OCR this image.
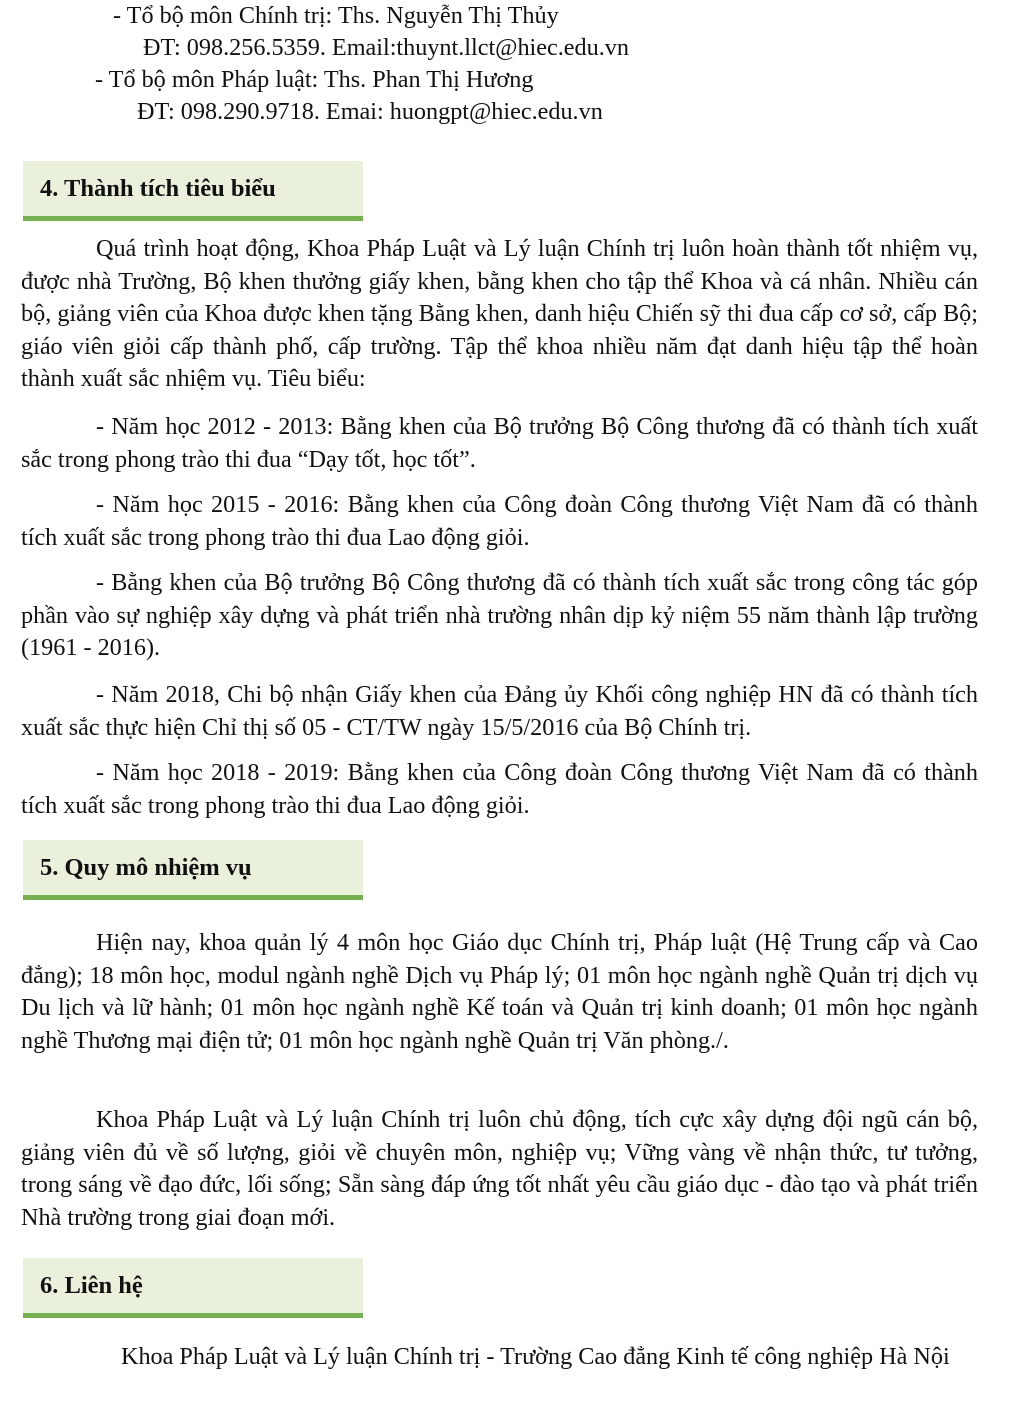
- Tổ bộ môn Chính trị: Ths. Nguyễn Thị Thủy
ĐT: 098.256.5359. Email:thuynt.llct@hiec.edu.vn
- Tổ bộ môn Pháp luật: Ths. Phan Thị Hương
ĐT: 098.290.9718. Emai: huongpt@hiec.edu.vn
4. Thành tích tiêu biểu

Quá trình hoạt động, Khoa Pháp Luật và Lý luận Chính trị luôn hoàn thành tốt nhiệm vụ, được nhà Trường, Bộ khen thưởng giấy khen, bằng khen cho tập thể Khoa và cá nhân. Nhiều cán bộ, giảng viên của Khoa được khen tặng Bằng khen, danh hiệu Chiến sỹ thi đua cấp cơ sở, cấp Bộ; giáo viên giỏi cấp thành phố, cấp trường. Tập thể khoa nhiều năm đạt danh hiệu tập thể hoàn thành xuất sắc nhiệm vụ. Tiêu biểu:

- Năm học 2012 - 2013: Bằng khen của Bộ trưởng Bộ Công thương đã có thành tích xuất sắc trong phong trào thi đua “Dạy tốt, học tốt”.

- Năm học 2015 - 2016: Bằng khen của Công đoàn Công thương Việt Nam đã có thành tích xuất sắc trong phong trào thi đua Lao động giỏi.

- Bằng khen của Bộ trưởng Bộ Công thương đã có thành tích xuất sắc trong công tác góp phần vào sự nghiệp xây dựng và phát triển nhà trường nhân dịp kỷ niệm 55 năm thành lập trường (1961 - 2016).

- Năm 2018, Chi bộ nhận Giấy khen của Đảng ủy Khối công nghiệp HN đã có thành tích xuất sắc thực hiện Chỉ thị số 05 - CT/TW ngày 15/5/2016 của Bộ Chính trị.

- Năm học 2018 - 2019: Bằng khen của Công đoàn Công thương Việt Nam đã có thành tích xuất sắc trong phong trào thi đua Lao động giỏi.

5. Quy mô nhiệm vụ

Hiện nay, khoa quản lý 4 môn học Giáo dục Chính trị, Pháp luật (Hệ Trung cấp và Cao đẳng); 18 môn học, modul ngành nghề Dịch vụ Pháp lý; 01 môn học ngành nghề Quản trị dịch vụ Du lịch và lữ hành; 01 môn học ngành nghề Kế toán và Quản trị kinh doanh; 01 môn học ngành nghề Thương mại điện tử; 01 môn học ngành nghề Quản trị Văn phòng./.

Khoa Pháp Luật và Lý luận Chính trị luôn chủ động, tích cực xây dựng đội ngũ cán bộ, giảng viên đủ về số lượng, giỏi về chuyên môn, nghiệp vụ; Vững vàng về nhận thức, tư tưởng, trong sáng về đạo đức, lối sống; Sẵn sàng đáp ứng tốt nhất yêu cầu giáo dục - đào tạo và phát triển Nhà trường trong giai đoạn mới.

6. Liên hệ

Khoa Pháp Luật và Lý luận Chính trị - Trường Cao đẳng Kinh tế công nghiệp Hà Nội
